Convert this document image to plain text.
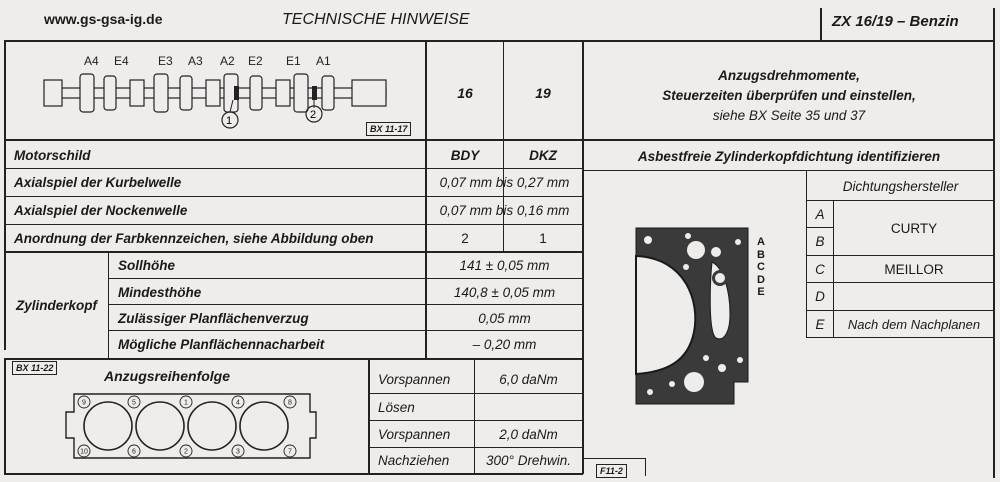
www.gs-gsa-ig.de	TECHNISCHE HINWEISE	ZX 16/19 – Benzin
A4 E4 E3 A3 A2 E2 E1 A1
1	2
BX 11-17
16	19
Anzugsdrehmomente,
Steuerzeiten überprüfen und einstellen,
siehe BX Seite 35 und 37
Motorschild	BDY	DKZ
Axialspiel der Kurbelwelle	0,07 mm bis 0,27 mm
Axialspiel der Nockenwelle	0,07 mm bis 0,16 mm
Anordnung der Farbkennzeichen, siehe Abbildung oben	2	1
Zylinderkopf
Sollhöhe	141 ± 0,05 mm
Mindesthöhe	140,8 ± 0,05 mm
Zulässiger Planflächenverzug	0,05 mm
Mögliche Planflächennacharbeit	– 0,20 mm
BX 11-22	Anzugsreihenfolge
9	5	1	4	8
10	6	2	3	7
Vorspannen	6,0 daNm
Lösen
Vorspannen	2,0 daNm
Nachziehen	300° Drehwin.
Asbestfreie Zylinderkopfdichtung identifizieren
Dichtungshersteller
A
B
CURTY
C	MEILLOR
D
E	Nach dem Nachplanen
A
B
C
D
E
F11-2
